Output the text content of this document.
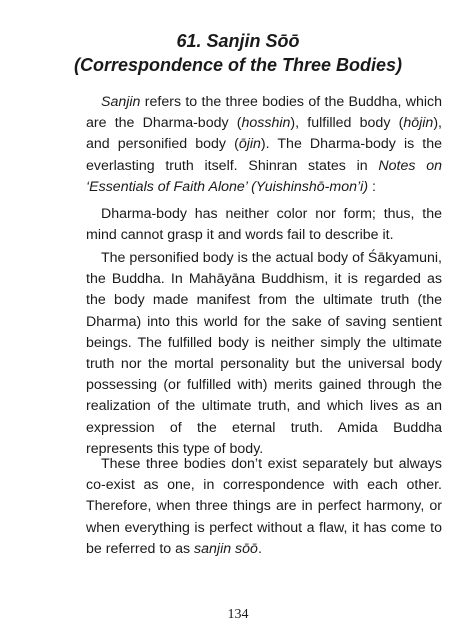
61. Sanjin Sōō
(Correspondence of the Three Bodies)

Sanjin refers to the three bodies of the Buddha, which are the Dharma-body (hosshin), fulfilled body (hōjin), and personified body (ōjin). The Dharma-body is the everlasting truth itself. Shinran states in Notes on ‘Essentials of Faith Alone’ (Yuishinshō-mon’i) :

Dharma-body has neither color nor form; thus, the mind cannot grasp it and words fail to describe it.

The personified body is the actual body of Śākyamuni, the Buddha. In Mahāyāna Buddhism, it is regarded as the body made manifest from the ultimate truth (the Dharma) into this world for the sake of saving sentient beings. The fulfilled body is neither simply the ultimate truth nor the mortal personality but the universal body possessing (or fulfilled with) merits gained through the realization of the ultimate truth, and which lives as an expression of the eternal truth. Amida Buddha represents this type of body.

These three bodies don’t exist separately but always co-exist as one, in correspondence with each other. Therefore, when three things are in perfect harmony, or when everything is perfect without a flaw, it has come to be referred to as sanjin sōō.

134
